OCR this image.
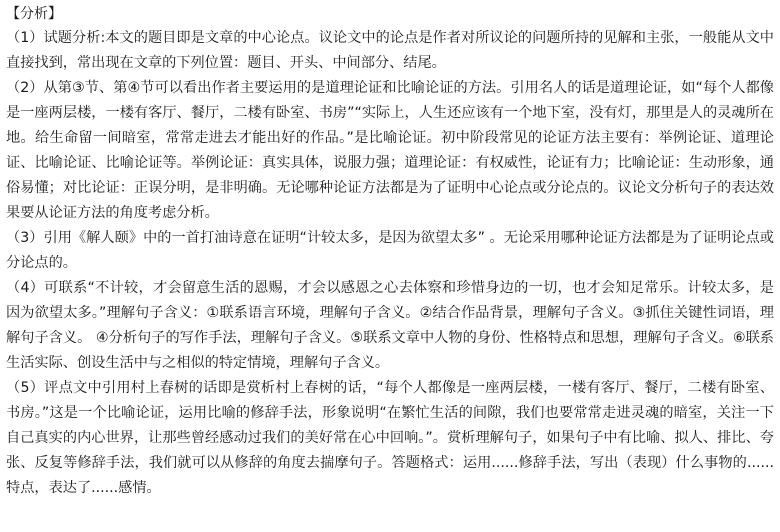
【分析】

（1）试题分析:本文的题目即是文章的中心论点。议论文中的论点是作者对所议论的问题所持的见解和主张，一般能从文中直接找到，常出现在文章的下列位置：题目、开头、中间部分、结尾。

（2）从第③节、第④节可以看出作者主要运用的是道理论证和比喻论证的方法。引用名人的话是道理论证，如“每个人都像是一座两层楼，一楼有客厅、餐厅，二楼有卧室、书房”“实际上，人生还应该有一个地下室，没有灯，那里是人的灵魂所在地。给生命留一间暗室，常常走进去才能出好的作品。”是比喻论证。初中阶段常见的论证方法主要有：举例论证、道理论证、比喻论证、比喻论证等。举例论证：真实具体，说服力强；道理论证：有权威性，论证有力；比喻论证：生动形象，通俗易懂；对比论证：正误分明，是非明确。无论哪种论证方法都是为了证明中心论点或分论点的。议论文分析句子的表达效果要从论证方法的角度考虑分析。

（3）引用《解人颐》中的一首打油诗意在证明“计较太多，是因为欲望太多” 。无论采用哪种论证方法都是为了证明论点或分论点的。

（4）可联系“不计较，才会留意生活的恩赐，才会以感恩之心去体察和珍惜身边的一切，也才会知足常乐。计较太多，是因为欲望太多。”理解句子含义：①联系语言环境，理解句子含义。②结合作品背景，理解句子含义。③抓住关键性词语，理解句子含义。 ④分析句子的写作手法，理解句子含义。⑤联系文章中人物的身份、性格特点和思想，理解句子含义。⑥联系生活实际、创设生活中与之相似的特定情境，理解句子含义。

（5）评点文中引用村上春树的话即是赏析村上春树的话，“每个人都像是一座两层楼，一楼有客厅、餐厅，二楼有卧室、书房。”这是一个比喻论证，运用比喻的修辞手法，形象说明“在繁忙生活的间隙，我们也要常常走进灵魂的暗室，关注一下自己真实的内心世界，让那些曾经感动过我们的美好常在心中回响。”。赏析理解句子，如果句子中有比喻、拟人、排比、夸张、反复等修辞手法，我们就可以从修辞的角度去揣摩句子。答题格式：运用......修辞手法，写出（表现）什么事物的......特点，表达了......感情。
